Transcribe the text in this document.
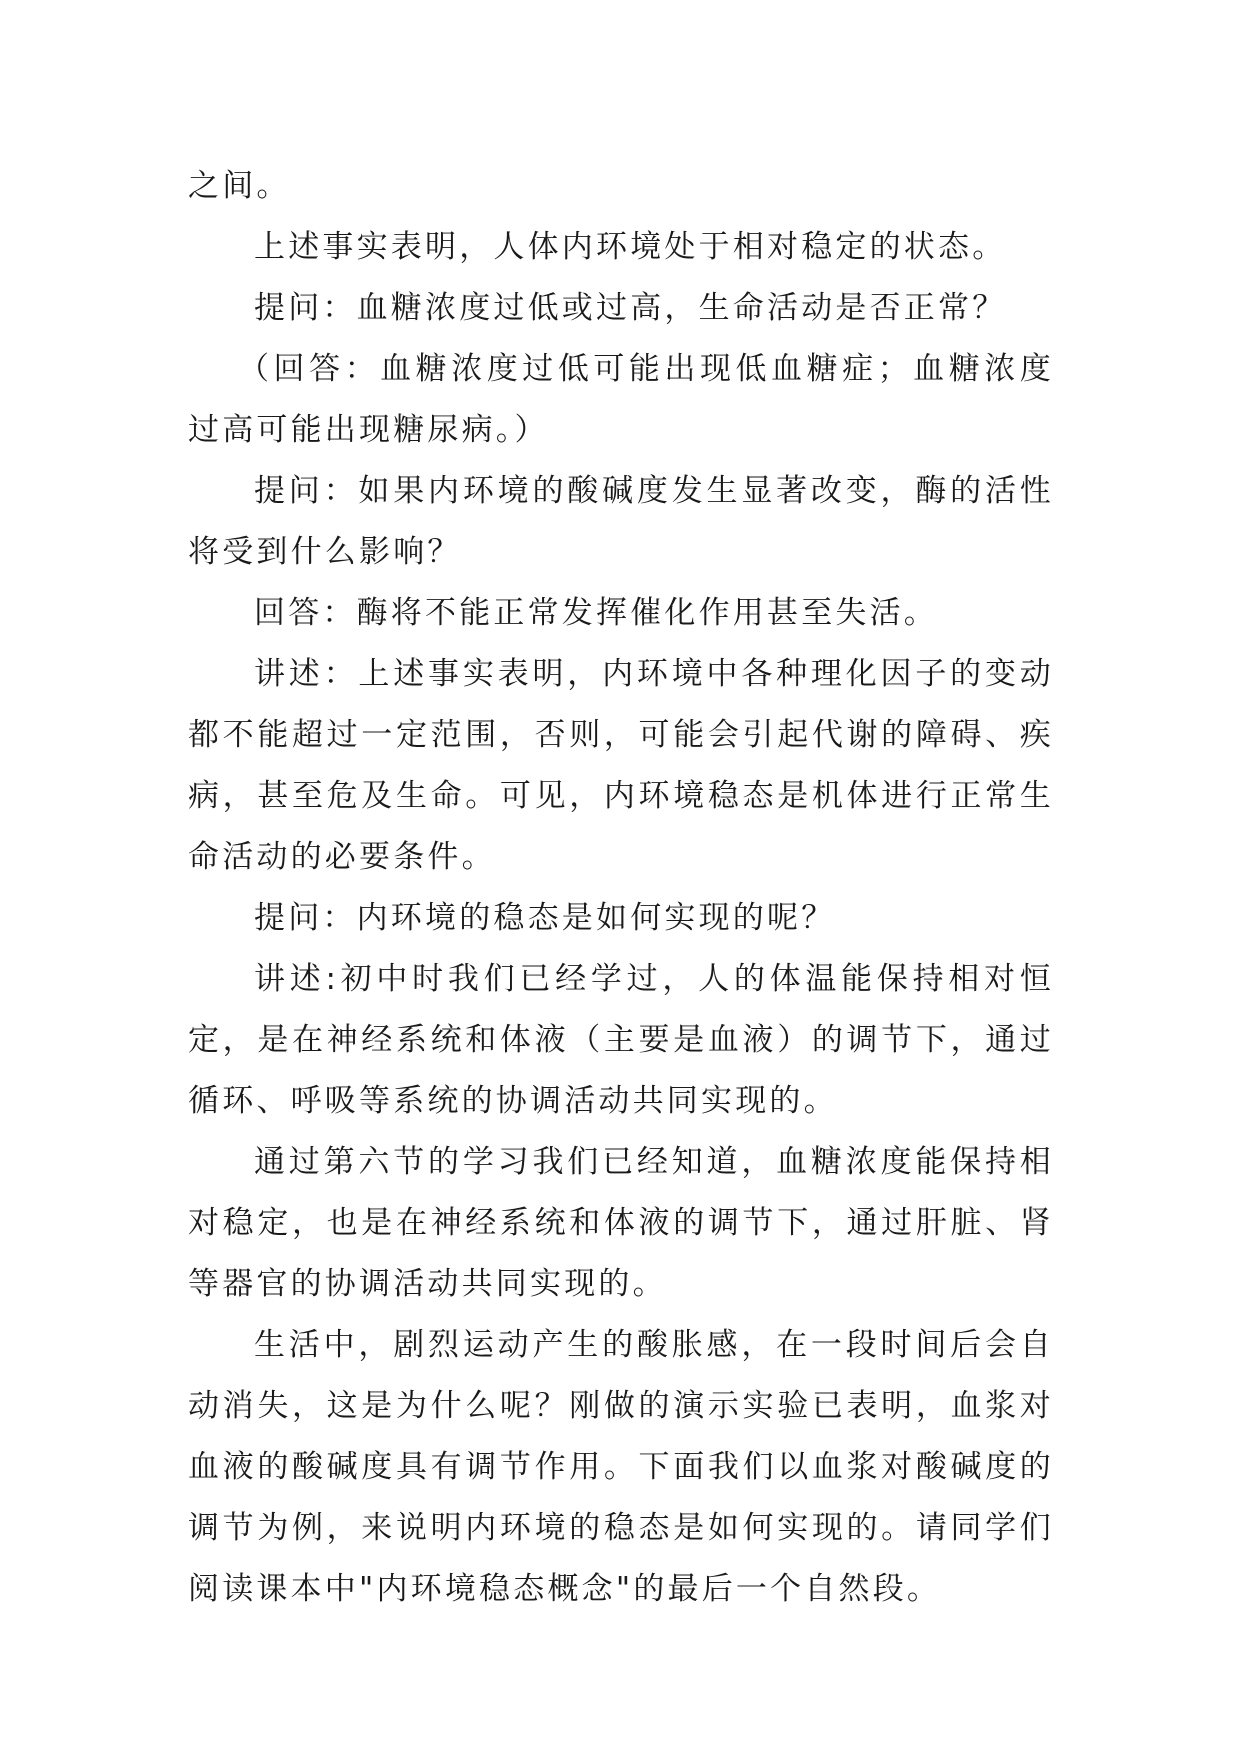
之间。

上述事实表明，人体内环境处于相对稳定的状态。

提问：血糖浓度过低或过高，生命活动是否正常？

（回答：血糖浓度过低可能出现低血糖症；血糖浓度过高可能出现糖尿病。）

提问：如果内环境的酸碱度发生显著改变，酶的活性将受到什么影响？

回答：酶将不能正常发挥催化作用甚至失活。

讲述：上述事实表明，内环境中各种理化因子的变动都不能超过一定范围，否则，可能会引起代谢的障碍、疾病，甚至危及生命。可见，内环境稳态是机体进行正常生命活动的必要条件。

提问：内环境的稳态是如何实现的呢？

讲述:初中时我们已经学过，人的体温能保持相对恒定，是在神经系统和体液（主要是血液）的调节下，通过循环、呼吸等系统的协调活动共同实现的。

通过第六节的学习我们已经知道，血糖浓度能保持相对稳定，也是在神经系统和体液的调节下，通过肝脏、肾等器官的协调活动共同实现的。

生活中，剧烈运动产生的酸胀感，在一段时间后会自动消失，这是为什么呢？刚做的演示实验已表明，血浆对血液的酸碱度具有调节作用。下面我们以血浆对酸碱度的调节为例，来说明内环境的稳态是如何实现的。请同学们阅读课本中"内环境稳态概念"的最后一个自然段。
